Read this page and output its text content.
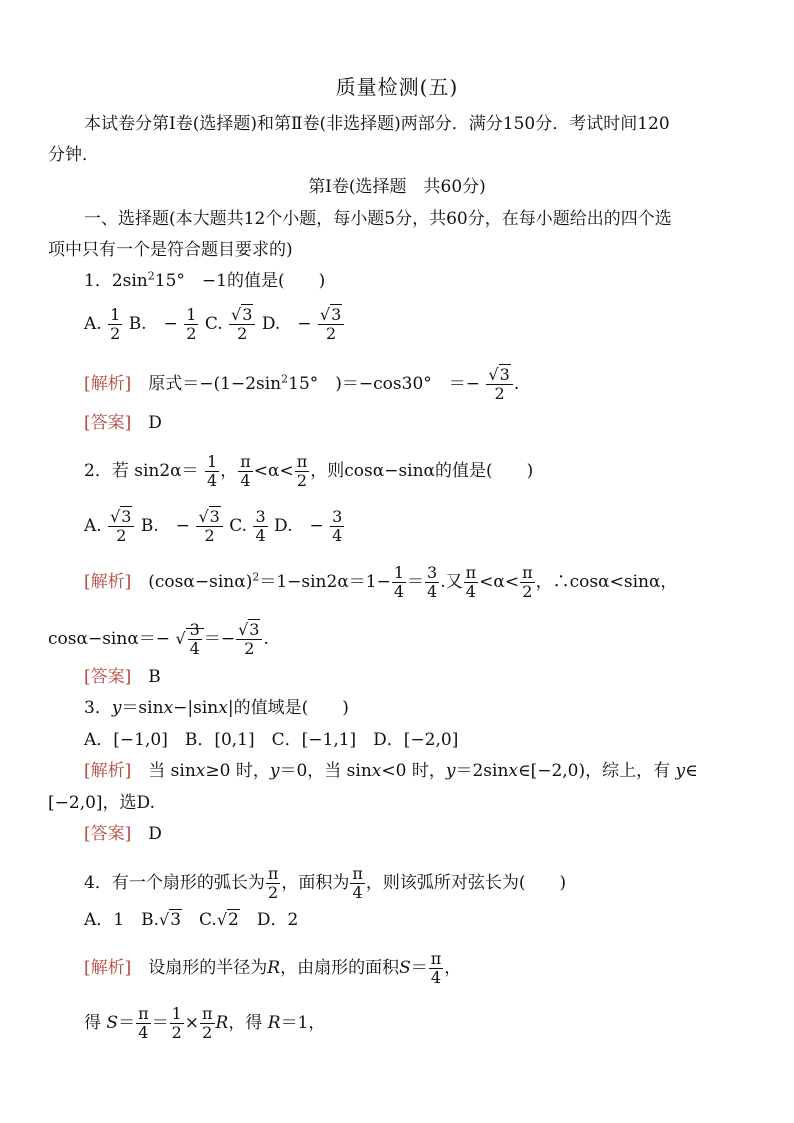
质量检测(五)
本试卷分第Ⅰ卷(选择题)和第Ⅱ卷(非选择题)两部分．满分150分．考试时间120
分钟．
第Ⅰ卷(选择题　共60分)
一、选择题(本大题共12个小题，每小题5分，共60分，在每小题给出的四个选
项中只有一个是符合题目要求的)
1．$2\sin^215^\circ$　−1的值是(　　)
A. $\frac{1}{2} B$.　− $\frac{1}{2} C$. $\frac{√3}{2} D$.　− $\frac{√3}{2}$
[解析]　 原式$=-(1-2\sin^215^\circ$　)＝−cos30°　＝− $\frac{√3}{2}$ .
[答案]　 D
2．若 $\sin 2\alpha= \frac{1}{4}$ ， $\frac{\pi}{4} <\alpha< \frac{\pi}{2}$ ，则cosα−sinα的值是(　　)
A. $\frac{√3}{2} B$.　− $\frac{√3}{2} C$. $\frac{3}{4} D$.　− $\frac{3}{4}$
[解析]　 $(\cos\alpha-\sin\alpha)^2=1-\sin 2\alpha=1- \frac{1}{4} = \frac{3}{4}$ .又 $\frac{\pi}{4} <\alpha< \frac{\pi}{2}$ ，∴cosα<sinα，
cosα−sinα＝− √ $\frac{3}{4} =- \frac{√3}{2}$ .
[答案]　 B
3．y＝sinx−|sinx|的值域是(　　)
A．[−1,0]　B．[0,1]　C．[−1,1]　D．[−2,0]
[解析]　 当 sinx≥0 时，y＝0，当 sinx<0 时，y＝2sinx∈[−2,0)，综上，有 y∈
[−2,0]，选D.
[答案]　 D
4．有一个扇形的弧长为 $\frac{\pi}{2}$ ，面积为 $\frac{\pi}{4}$ ，则该弧所对弦长为(　　)
A．1　B.√3　C.√2　D．2
[解析]　 设扇形的半径为R，由扇形的面积$S= \frac{\pi}{4}$ ，
得 $S= \frac{\pi}{4} = \frac{1}{2} \times \frac{\pi}{2}$ R，得 R＝1，
